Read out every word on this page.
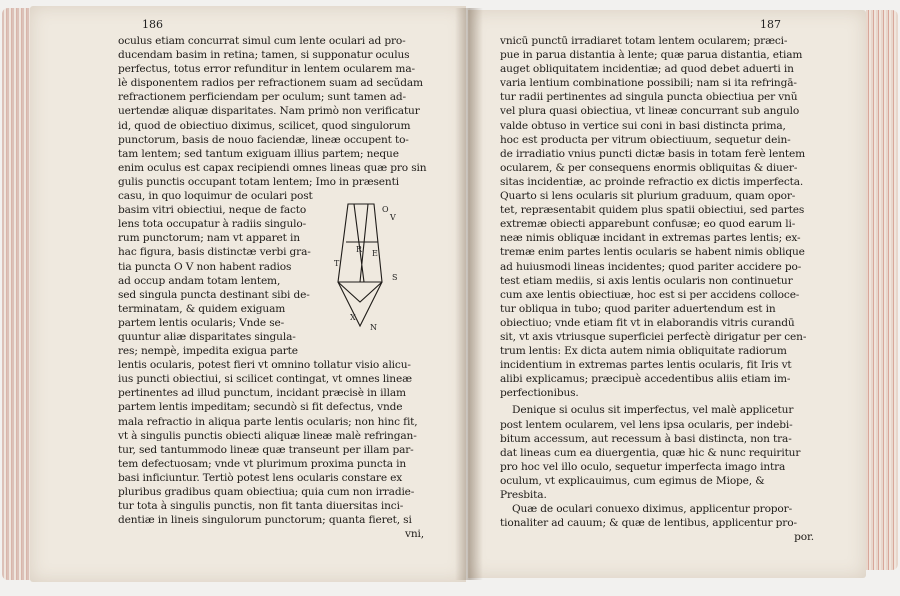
186	187
oculus etiam concurrat simul cum lente oculari ad pro-
ducendam basim in retina; tamen, si supponatur oculus
perfectus, totus error refunditur in lentem ocularem ma-
lè disponentem radios per refractionem suam ad secŭdam
refractionem perficiendam per oculum; sunt tamen ad-
uertendæ aliquæ disparitates. Nam primò non verificatur
id, quod de obiectiuo diximus, scilicet, quod singulorum
punctorum, basis de nouo faciendæ, lineæ occupent to-
tam lentem; sed tantum exiguam illius partem; neque
enim oculus est capax recipiendi omnes lineas quæ pro sin
gulis punctis occupant totam lentem; Imo in præsenti
casu, in quo loquimur de oculari post
basim vitri obiectiui, neque de facto
lens tota occupatur à radiis singulo-
rum punctorum; nam vt apparet in
hac figura, basis distinctæ verbi gra-
tia puncta O V non habent radios
ad occup andam totam lentem,
sed singula puncta destinant sibi de-
terminatam, & quidem exiguam
partem lentis ocularis; Vnde se-
quuntur aliæ disparitates singula-
res; nempè, impedita exigua parte
lentis ocularis, potest fieri vt omnino tollatur visio alicu-
ius puncti obiectiui, si scilicet contingat, vt omnes lineæ
pertinentes ad illud punctum, incidant præcisè in illam
partem lentis impeditam; secundò si fit defectus, vnde
mala refractio in aliqua parte lentis ocularis; non hinc fit,
vt à singulis punctis obiecti aliquæ lineæ malè refringan-
tur, sed tantummodo lineæ quæ transeunt per illam par-
tem defectuosam; vnde vt plurimum proxima puncta in
basi inficiuntur. Tertiò potest lens ocularis constare ex
pluribus gradibus quam obiectiua; quia cum non irradie-
tur tota à singulis punctis, non fit tanta diuersitas inci-
dentiæ in lineis singulorum punctorum; quanta fieret, si
vni,
O
V
T
S
R E
X
N
vnicū punctū irradiaret totam lentem ocularem; præci-
pue in parua distantia à lente; quæ parua distantia, etiam
auget obliquitatem incidentiæ; ad quod debet aduerti in
varia lentium combinatione possibili; nam si ita refringā-
tur radii pertinentes ad singula puncta obiectiua per vnŭ
vel plura quasi obiectiua, vt lineæ concurrant sub angulo
valde obtuso in vertice sui coni in basi distincta prima,
hoc est producta per vitrum obiectiuum, sequetur dein-
de irradiatio vnius puncti dictæ basis in totam ferè lentem
ocularem, & per consequens enormis obliquitas & diuer-
sitas incidentiæ, ac proinde refractio ex dictis imperfecta.
Quarto si lens ocularis sit plurium graduum, quam opor-
tet, repræsentabit quidem plus spatii obiectiui, sed partes
extremæ obiecti apparebunt confusæ; eo quod earum li-
neæ nimis obliquæ incidant in extremas partes lentis; ex-
tremæ enim partes lentis ocularis se habent nimis oblique
ad huiusmodi lineas incidentes; quod pariter accidere po-
test etiam mediis, si axis lentis ocularis non continuetur
cum axe lentis obiectiuæ, hoc est si per accidens colloce-
tur obliqua in tubo; quod pariter aduertendum est in
obiectiuo; vnde etiam fit vt in elaborandis vitris curandū
sit, vt axis vtriusque superficiei perfectè dirigatur per cen-
trum lentis: Ex dicta autem nimia obliquitate radiorum
incidentium in extremas partes lentis ocularis, fit Iris vt
alibi explicamus; præcipuè accedentibus aliis etiam im-
perfectionibus.
Denique si oculus sit imperfectus, vel malè applicetur
post lentem ocularem, vel lens ipsa ocularis, per indebi-
bitum accessum, aut recessum à basi distincta, non tra-
dat lineas cum ea diuergentia, quæ hic & nunc requiritur
pro hoc vel illo oculo, sequetur imperfecta imago intra
oculum, vt explicauimus, cum egimus de Miope, &
Presbita.
Quæ de oculari conuexo diximus, applicentur propor-
tionaliter ad cauum; & quæ de lentibus, applicentur pro-
por.
